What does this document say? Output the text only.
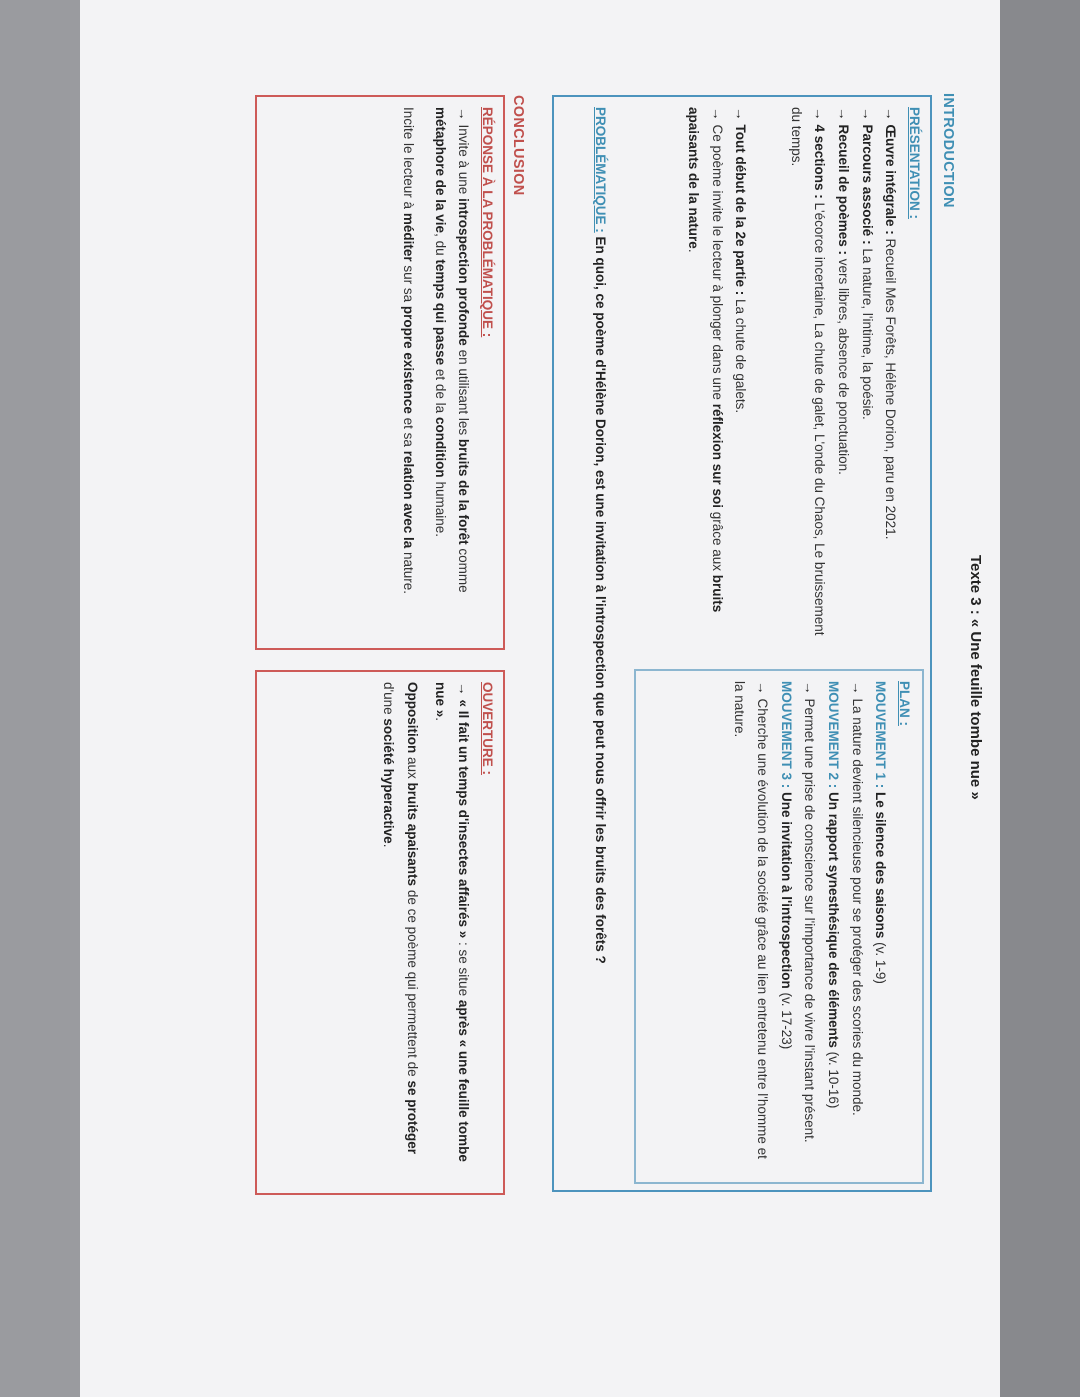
Texte 3 : « Une feuille tombe nue »
INTRODUCTION

PRÉSENTATION :

→Œuvre intégrale : Recueil Mes Forêts, Hélène Dorion, paru en 2021.

→Parcours associé : La nature, l'intime, la poésie.

→Recueil de poèmes : vers libres, absence de ponctuation.

→4 sections : L'écorce incertaine, La chute de galet, L'onde du Chaos, Le bruissement du temps.

→Tout début de la 2e partie : La chute de galets.

→Ce poème invite le lecteur à plonger dans une réflexion sur soi grâce aux bruits apaisants de la nature.

PLAN :

MOUVEMENT 1 : Le silence des saisons (v. 1-9)

→La nature devient silencieuse pour se protéger des scories du monde.

MOUVEMENT 2 : Un rapport synesthésique des éléments (v. 10-16)

→Permet une prise de conscience sur l'importance de vivre l'instant présent.

MOUVEMENT 3 : Une invitation à l'introspection (v. 17-23)

→Cherche une évolution de la société grâce au lien entretenu entre l'homme et la nature.

PROBLÉMATIQUE : En quoi, ce poème d'Hélène Dorion, est une invitation à l'introspection que peut nous offrir les bruits des forêts ?
CONCLUSION

RÉPONSE À LA PROBLÉMATIQUE :

→Invite à une introspection profonde en utilisant les bruits de la forêt comme métaphore de la vie, du temps qui passe et de la condition humaine.

Incite le lecteur à méditer sur sa propre existence et sa relation avec la nature.

OUVERTURE :

→« Il fait un temps d'insectes affairés » : se situe après « une feuille tombe nue ».

Opposition aux bruits apaisants de ce poème qui permettent de se protéger d'une société hyperactive.
